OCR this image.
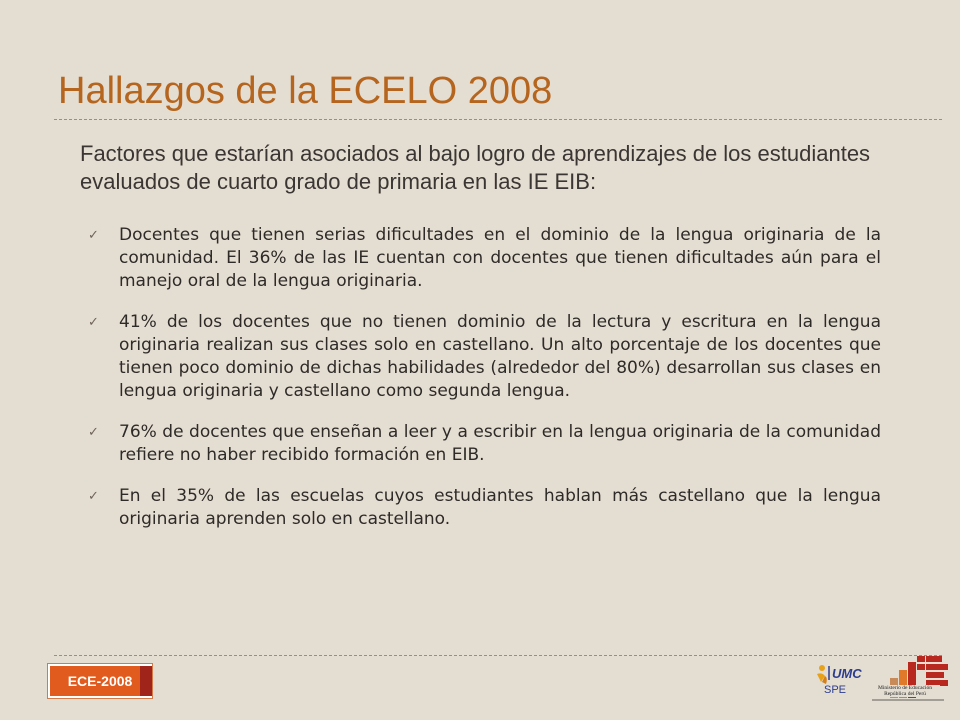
Hallazgos de la ECELO 2008
Factores que estarían asociados al bajo logro de aprendizajes de los estudiantes evaluados de cuarto grado de primaria en las IE EIB:
✓ Docentes que tienen serias dificultades en el dominio de la lengua originaria de la comunidad. El 36% de las IE cuentan con docentes que tienen dificultades aún para el manejo oral de la lengua originaria.
✓ 41% de los docentes que no tienen dominio de la lectura y escritura en la lengua originaria realizan sus clases solo en castellano. Un alto porcentaje de los docentes que tienen poco dominio de dichas habilidades (alrededor del 80%) desarrollan sus clases en lengua originaria y castellano como segunda lengua.
✓ 76% de docentes que enseñan a leer y a escribir en la lengua originaria de la comunidad refiere no haber recibido formación en EIB.
✓ En el 35% de las escuelas cuyos estudiantes hablan más castellano que la lengua originaria aprenden solo en castellano.
ECE-2008	UMC
SPE	Ministerio de Educación
República del Perú
